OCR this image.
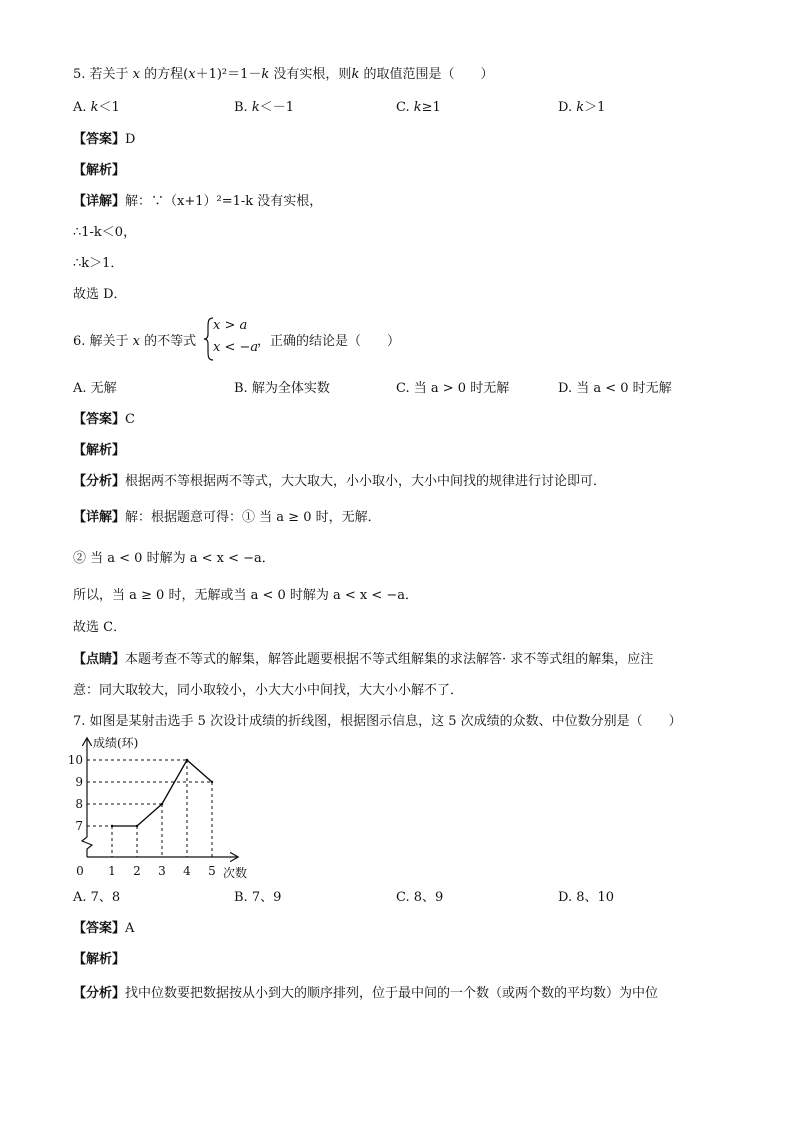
5. 若关于 x 的方程(x＋1)²＝1－k 没有实根，则k 的取值范围是（　　）
A. k＜1	B. k＜－1	C. k≥1	D. k＞1
【答案】D
【解析】
【详解】解：∵（x+1）²=1-k 没有实根，
∴1-k＜0，
∴k＞1．
故选 D．
6. 解关于 x 的不等式
x > a
x < −a
，正确的结论是（　　）
A. 无解	B. 解为全体实数	C. 当 a > 0 时无解	D. 当 a < 0 时无解
【答案】C
【解析】
【分析】根据两不等根据两不等式，大大取大，小小取小，大小中间找的规律进行讨论即可．
【详解】解：根据题意可得：① 当 a ≥ 0 时，无解．
② 当 a < 0 时解为 a < x < −a．
所以，当 a ≥ 0 时，无解或当 a < 0 时解为 a < x < −a．
故选 C．
【点睛】本题考查不等式的解集，解答此题要根据不等式组解集的求法解答· 求不等式组的解集，应注
意：同大取较大，同小取较小，小大大小中间找，大大小小解不了．
7. 如图是某射击选手 5 次设计成绩的折线图，根据图示信息，这 5 次成绩的众数、中位数分别是（　　）
0 1 2 3 4 5
7
8
9
10
成绩(环)
次数
A. 7、8	B. 7、9	C. 8、9	D. 8、10
【答案】A
【解析】
【分析】找中位数要把数据按从小到大的顺序排列，位于最中间的一个数（或两个数的平均数）为中位
